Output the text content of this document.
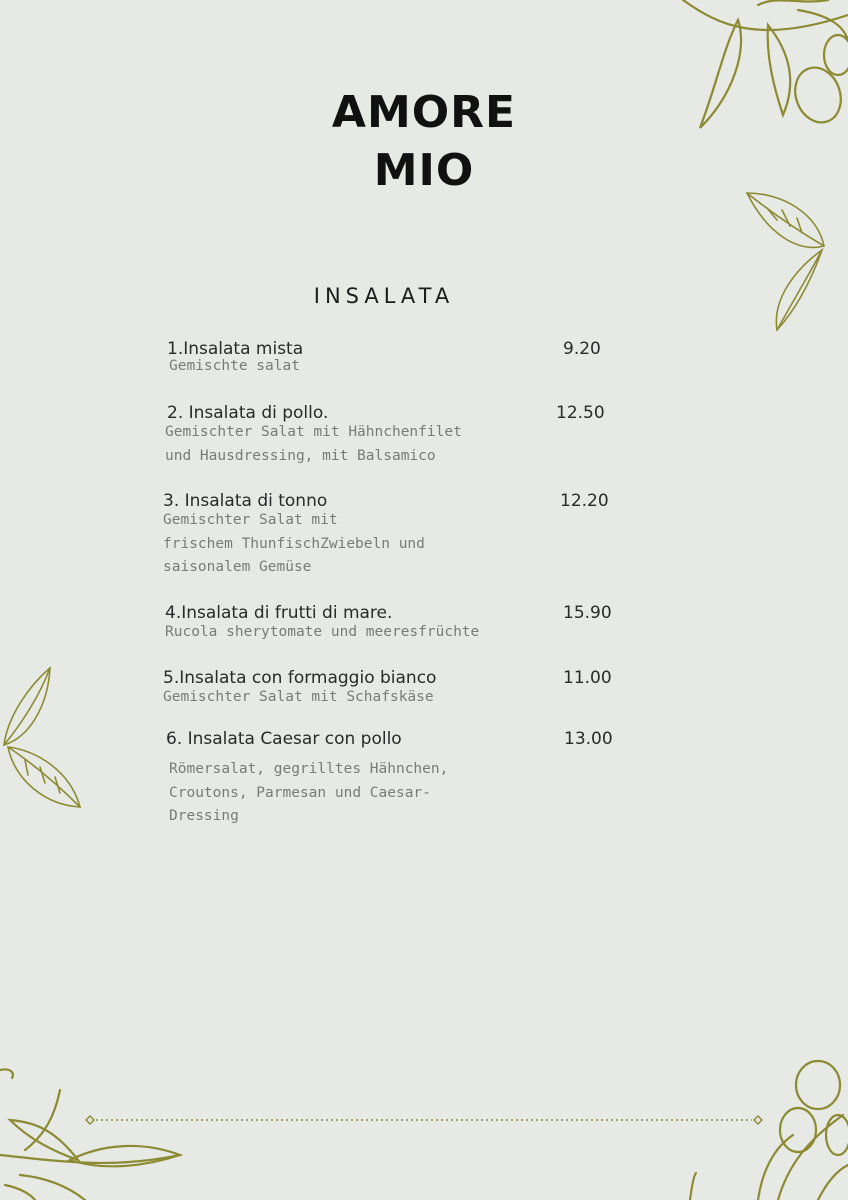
AMORE
MIO
INSALATA
1.Insalata mista	9.20
Gemischte salat
2. Insalata di pollo.	12.50
Gemischter Salat mit Hähnchenfilet
und Hausdressing, mit Balsamico
3. Insalata di tonno	12.20
Gemischter Salat mit
frischem ThunfischZwiebeln und
saisonalem Gemüse
4.Insalata di frutti di mare.	15.90
Rucola sherytomate und meeresfrüchte
5.Insalata con formaggio bianco	11.00
Gemischter Salat mit Schafskäse
6. Insalata Caesar con pollo	13.00
Römersalat, gegrilltes Hähnchen,
Croutons, Parmesan und Caesar-
Dressing
